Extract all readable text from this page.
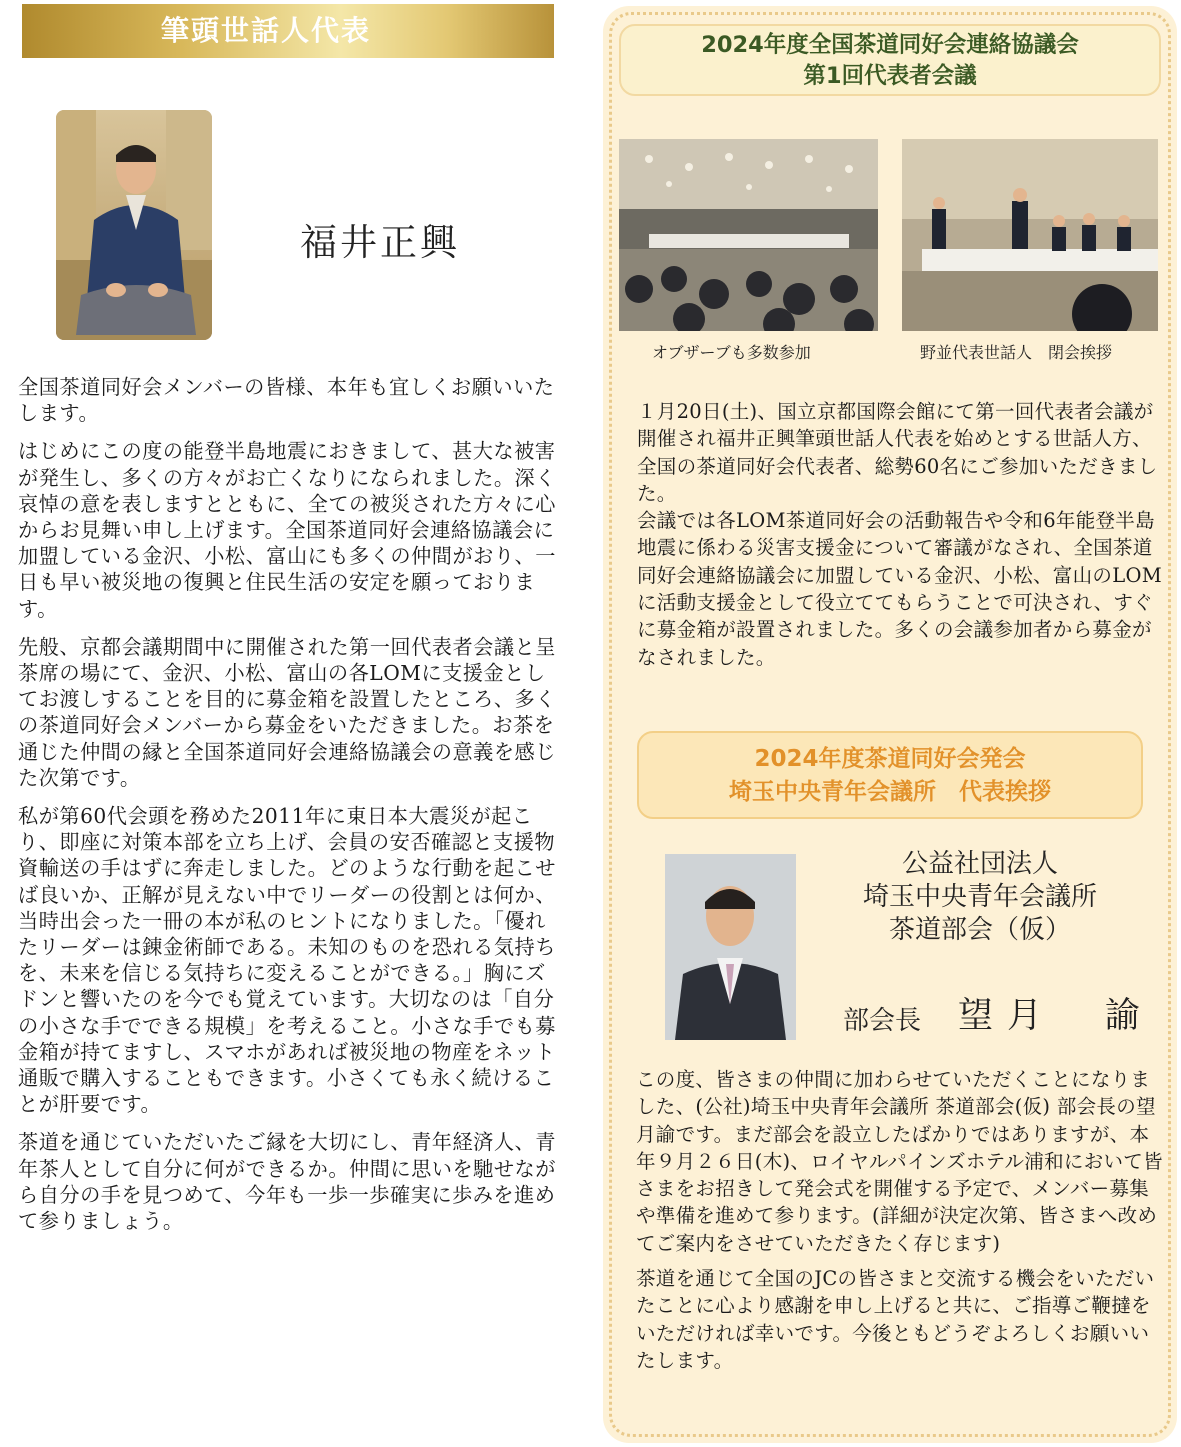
筆頭世話人代表
福井正興

全国茶道同好会メンバーの皆様、本年も宜しくお願いいたします。

はじめにこの度の能登半島地震におきまして、甚大な被害が発生し、多くの方々がお亡くなりになられました。深く哀悼の意を表しますとともに、全ての被災された方々に心からお見舞い申し上げます。全国茶道同好会連絡協議会に加盟している金沢、小松、富山にも多くの仲間がおり、一日も早い被災地の復興と住民生活の安定を願っております。

先般、京都会議期間中に開催された第一回代表者会議と呈茶席の場にて、金沢、小松、富山の各LOMに支援金としてお渡しすることを目的に募金箱を設置したところ、多くの茶道同好会メンバーから募金をいただきました。お茶を通じた仲間の縁と全国茶道同好会連絡協議会の意義を感じた次第です。

私が第60代会頭を務めた2011年に東日本大震災が起こり、即座に対策本部を立ち上げ、会員の安否確認と支援物資輸送の手はずに奔走しました。どのような行動を起こせば良いか、正解が見えない中でリーダーの役割とは何か、当時出会った一冊の本が私のヒントになりました。「優れたリーダーは錬金術師である。未知のものを恐れる気持ちを、未来を信じる気持ちに変えることができる。」胸にズドンと響いたのを今でも覚えています。大切なのは「自分の小さな手でできる規模」を考えること。小さな手でも募金箱が持てますし、スマホがあれば被災地の物産をネット通販で購入することもできます。小さくても永く続けることが肝要です。

茶道を通じていただいたご縁を大切にし、青年経済人、青年茶人として自分に何ができるか。仲間に思いを馳せながら自分の手を見つめて、今年も一歩一歩確実に歩みを進めて参りましょう。

2024年度全国茶道同好会連絡協議会
第1回代表者会議
オブザーブも多数参加	野並代表世話人　閉会挨拶

１月20日(土)、国立京都国際会館にて第一回代表者会議が開催され福井正興筆頭世話人代表を始めとする世話人方、全国の茶道同好会代表者、総勢60名にご参加いただきました。

会議では各LOM茶道同好会の活動報告や令和6年能登半島地震に係わる災害支援金について審議がなされ、全国茶道同好会連絡協議会に加盟している金沢、小松、富山のLOMに活動支援金として役立ててもらうことで可決され、すぐに募金箱が設置されました。多くの会議参加者から募金がなされました。

2024年度茶道同好会発会
埼玉中央青年会議所　代表挨拶
公益社団法人
埼玉中央青年会議所
茶道部会（仮）
部会長 望月　諭

この度、皆さまの仲間に加わらせていただくことになりました、(公社)埼玉中央青年会議所 茶道部会(仮) 部会長の望月諭です。まだ部会を設立したばかりではありますが、本年９月２６日(木)、ロイヤルパインズホテル浦和において皆さまをお招きして発会式を開催する予定で、メンバー募集や準備を進めて参ります。(詳細が決定次第、皆さまへ改めてご案内をさせていただきたく存じます)

茶道を通じて全国のJCの皆さまと交流する機会をいただいたことに心より感謝を申し上げると共に、ご指導ご鞭撻をいただければ幸いです。今後ともどうぞよろしくお願いいたします。
